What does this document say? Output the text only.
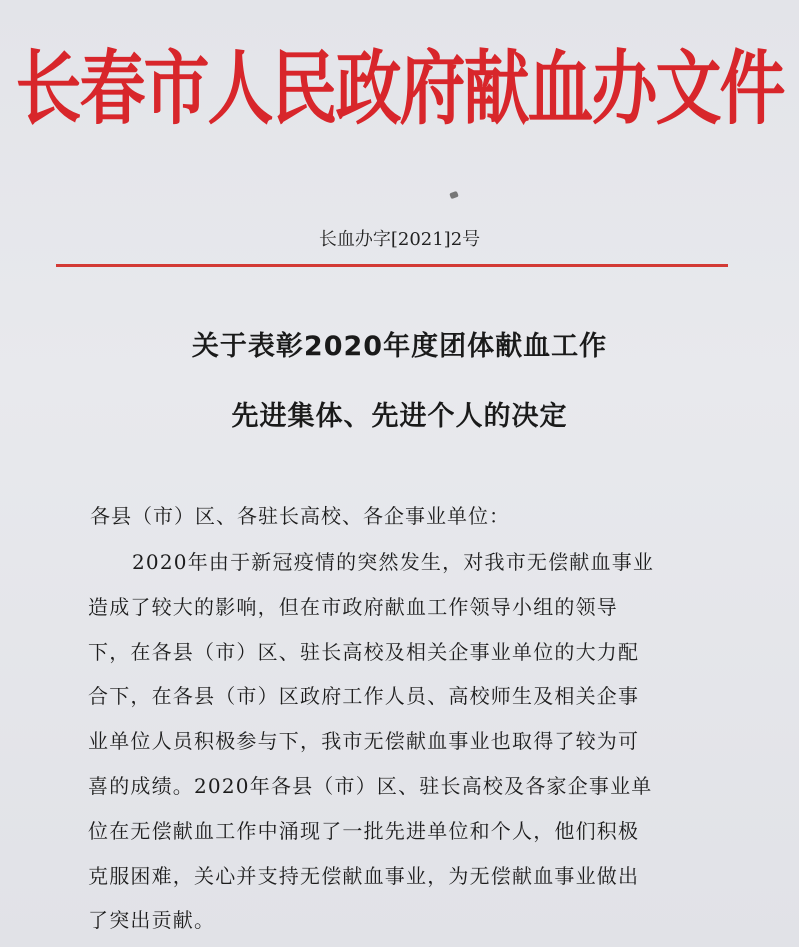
长春市人民政府献血办文件
长血办字[2021]2号
关于表彰2020年度团体献血工作
先进集体、先进个人的决定
各县（市）区、各驻长高校、各企事业单位：
2020年由于新冠疫情的突然发生，对我市无偿献血事业
造成了较大的影响，但在市政府献血工作领导小组的领导
下，在各县（市）区、驻长高校及相关企事业单位的大力配
合下，在各县（市）区政府工作人员、高校师生及相关企事
业单位人员积极参与下，我市无偿献血事业也取得了较为可
喜的成绩。2020年各县（市）区、驻长高校及各家企事业单
位在无偿献血工作中涌现了一批先进单位和个人，他们积极
克服困难，关心并支持无偿献血事业，为无偿献血事业做出
了突出贡献。
